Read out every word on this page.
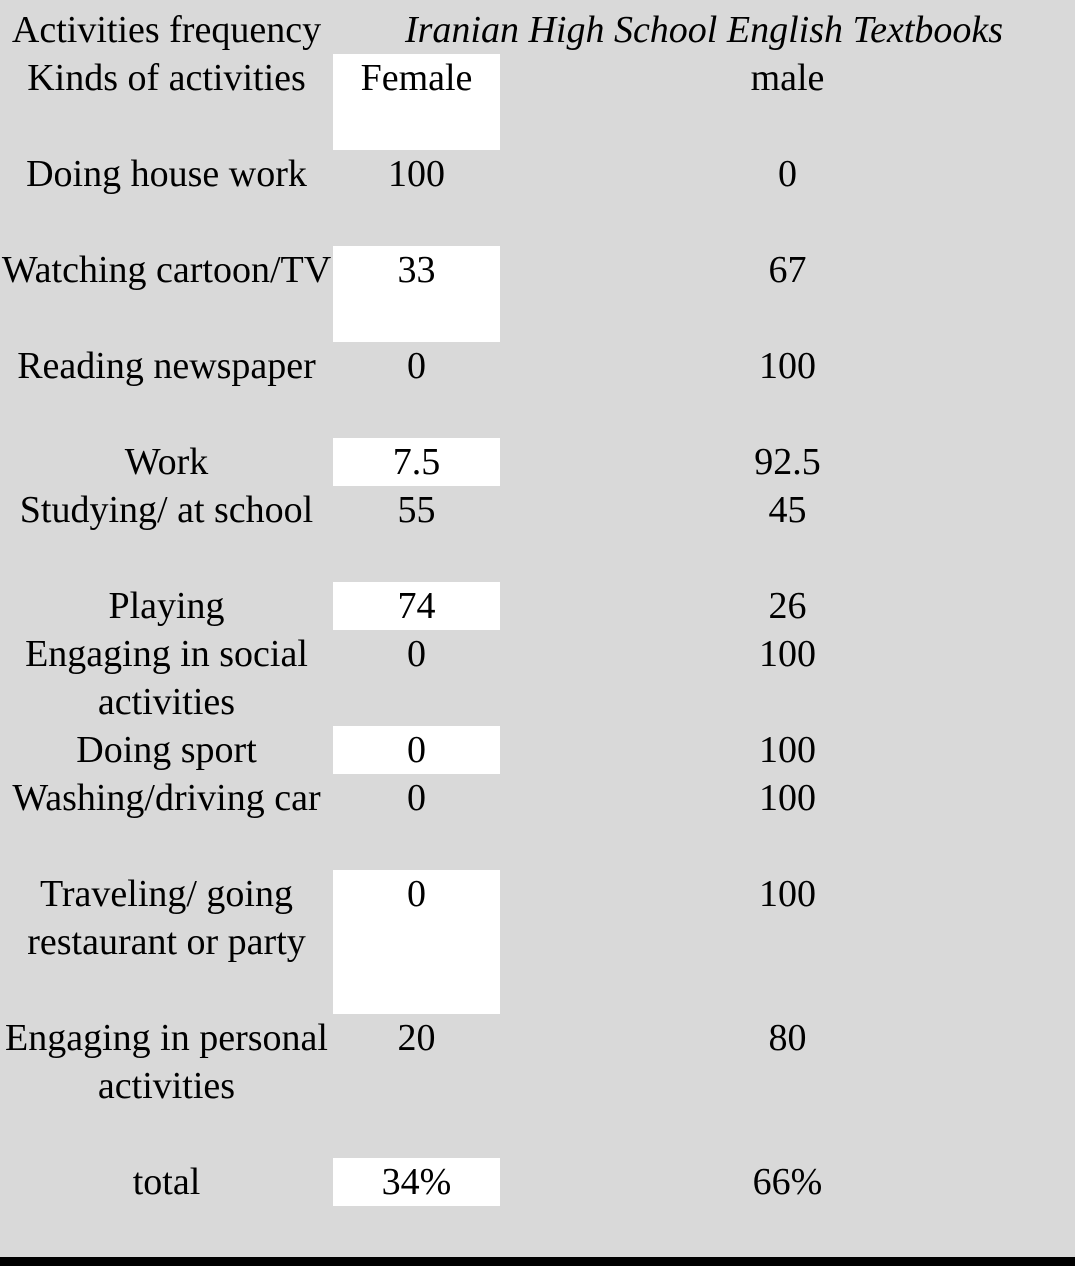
Activities frequency	Iranian High School English Textbooks	
Kinds of activities	Female	male
Doing house work	100	0
Watching cartoon/TV	33	67
Reading newspaper	0	100
Work	7.5	92.5
Studying/ at school	55	45
Playing	74	26
Engaging in social activities	0	100
Doing sport	0	100
Washing/driving car	0	100
Traveling/ going restaurant or party	0	100
Engaging in personal activities	20	80
total	34%	66%
